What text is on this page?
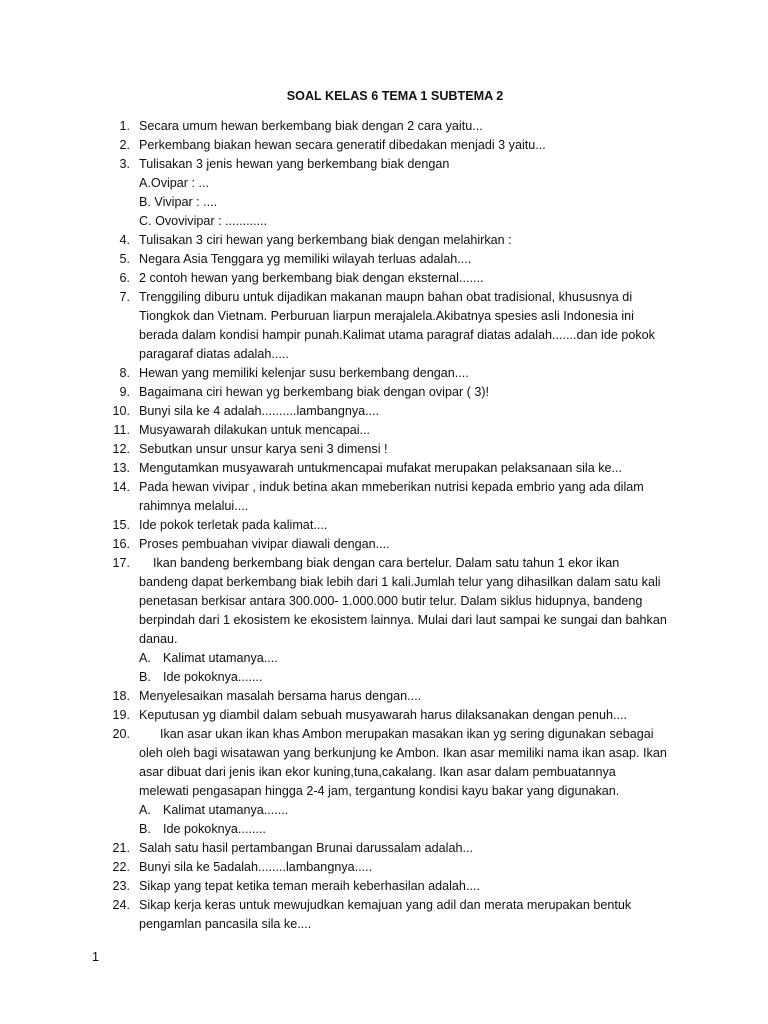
SOAL KELAS 6 TEMA 1 SUBTEMA 2
1. Secara umum hewan berkembang biak dengan 2 cara yaitu...
2. Perkembang biakan hewan secara generatif dibedakan menjadi 3 yaitu...
3. Tulisakan 3 jenis hewan yang berkembang biak dengan
A.Ovipar : ...
B. Vivipar : ....
C. Ovovivipar : ............
4. Tulisakan 3 ciri hewan yang berkembang biak dengan melahirkan :
5. Negara Asia Tenggara yg memiliki wilayah terluas adalah....
6. 2 contoh hewan yang berkembang biak dengan eksternal.......
7. Trenggiling diburu untuk dijadikan makanan maupn bahan obat tradisional, khususnya di Tiongkok dan Vietnam. Perburuan liarpun merajalela.Akibatnya spesies asli Indonesia ini berada dalam kondisi hampir punah.Kalimat utama paragraf diatas adalah.......dan ide pokok paragaraf diatas adalah.....
8. Hewan yang memiliki kelenjar susu berkembang dengan....
9. Bagaimana ciri hewan yg berkembang biak dengan ovipar ( 3)!
10. Bunyi sila ke 4 adalah..........lambangnya....
11. Musyawarah dilakukan untuk mencapai...
12. Sebutkan unsur unsur karya seni 3 dimensi !
13. Mengutamkan musyawarah untukmencapai mufakat merupakan pelaksanaan sila ke...
14. Pada hewan vivipar , induk betina akan mmeberikan nutrisi kepada embrio yang ada dilam rahimnya melalui....
15. Ide pokok terletak pada kalimat....
16. Proses pembuahan vivipar diawali dengan....
17. Ikan bandeng berkembang biak dengan cara bertelur. Dalam satu tahun 1 ekor ikan bandeng dapat berkembang biak lebih dari 1 kali.Jumlah telur yang dihasilkan dalam satu kali penetasan berkisar antara 300.000- 1.000.000 butir telur. Dalam siklus hidupnya, bandeng berpindah dari 1 ekosistem ke ekosistem lainnya. Mulai dari laut sampai ke sungai dan bahkan danau.
A. Kalimat utamanya....
B. Ide pokoknya.......
18. Menyelesaikan masalah bersama harus dengan....
19. Keputusan yg diambil dalam sebuah musyawarah harus dilaksanakan dengan penuh....
20. Ikan asar ukan ikan khas Ambon merupakan masakan ikan yg sering digunakan sebagai oleh oleh bagi wisatawan yang berkunjung ke Ambon. Ikan asar memiliki nama ikan asap. Ikan asar dibuat dari jenis ikan ekor kuning,tuna,cakalang. Ikan asar dalam pembuatannya melewati pengasapan hingga 2-4 jam, tergantung kondisi kayu bakar yang digunakan.
A. Kalimat utamanya.......
B. Ide pokoknya........
21. Salah satu hasil pertambangan Brunai darussalam adalah...
22. Bunyi sila ke 5adalah........lambangnya.....
23. Sikap yang tepat ketika teman meraih keberhasilan adalah....
24. Sikap kerja keras untuk mewujudkan kemajuan yang adil dan merata merupakan bentuk pengamlan pancasila sila ke....
1
